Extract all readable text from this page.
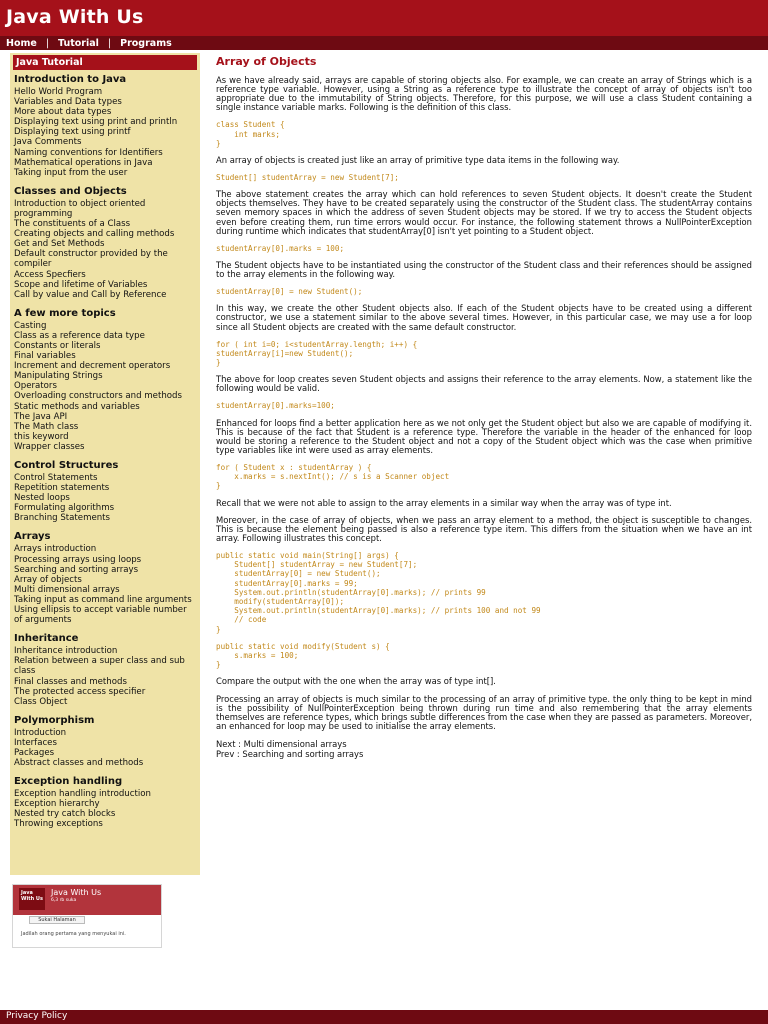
Java With Us
Home | Tutorial | Programs
Java Tutorial
Introduction to Java
Hello World Program
Variables and Data types
More about data types
Displaying text using print and println
Displaying text using printf
Java Comments
Naming conventions for Identifiers
Mathematical operations in Java
Taking input from the user
Classes and Objects
Introduction to object oriented programming
The constituents of a Class
Creating objects and calling methods
Get and Set Methods
Default constructor provided by the compiler
Access Specfiers
Scope and lifetime of Variables
Call by value and Call by Reference
A few more topics
Casting
Class as a reference data type
Constants or literals
Final variables
Increment and decrement operators
Manipulating Strings
Operators
Overloading constructors and methods
Static methods and variables
The Java API
The Math class
this keyword
Wrapper classes
Control Structures
Control Statements
Repetition statements
Nested loops
Formulating algorithms
Branching Statements
Arrays
Arrays introduction
Processing arrays using loops
Searching and sorting arrays
Array of objects
Multi dimensional arrays
Taking input as command line arguments
Using ellipsis to accept variable number of arguments
Inheritance
Inheritance introduction
Relation between a super class and sub class
Final classes and methods
The protected access specifier
Class Object
Polymorphism
Introduction
Interfaces
Packages
Abstract classes and methods
Exception handling
Exception handling introduction
Exception hierarchy
Nested try catch blocks
Throwing exceptions
Java With Us
Java With Us
6,3 rb suka
Sukai Halaman
Jadilah orang pertama yang menyukai ini.
Array of Objects

As we have already said, arrays are capable of storing objects also. For example, we can create an array of Strings which is a reference type variable. However, using a String as a reference type to illustrate the concept of array of objects isn't too appropriate due to the immutability of String objects. Therefore, for this purpose, we will use a class Student containing a single instance variable marks. Following is the definition of this class.

class Student {
int marks;
}

An array of objects is created just like an array of primitive type data items in the following way.

Student[] studentArray = new Student[7];

The above statement creates the array which can hold references to seven Student objects. It doesn't create the Student objects themselves. They have to be created separately using the constructor of the Student class. The studentArray contains seven memory spaces in which the address of seven Student objects may be stored. If we try to access the Student objects even before creating them, run time errors would occur. For instance, the following statement throws a NullPointerException during runtime which indicates that studentArray[0] isn't yet pointing to a Student object.

studentArray[0].marks = 100;

The Student objects have to be instantiated using the constructor of the Student class and their references should be assigned to the array elements in the following way.

studentArray[0] = new Student();

In this way, we create the other Student objects also. If each of the Student objects have to be created using a different constructor, we use a statement similar to the above several times. However, in this particular case, we may use a for loop since all Student objects are created with the same default constructor.

for ( int i=0; i<studentArray.length; i++) {
studentArray[i]=new Student();
}

The above for loop creates seven Student objects and assigns their reference to the array elements. Now, a statement like the following would be valid.

studentArray[0].marks=100;

Enhanced for loops find a better application here as we not only get the Student object but also we are capable of modifying it. This is because of the fact that Student is a reference type. Therefore the variable in the header of the enhanced for loop would be storing a reference to the Student object and not a copy of the Student object which was the case when primitive type variables like int were used as array elements.

for ( Student x : studentArray ) {
x.marks = s.nextInt(); // s is a Scanner object
}

Recall that we were not able to assign to the array elements in a similar way when the array was of type int.

Moreover, in the case of array of objects, when we pass an array element to a method, the object is susceptible to changes. This is because the element being passed is also a reference type item. This differs from the situation when we have an int array. Following illustrates this concept.

public static void main(String[] args) {
Student[] studentArray = new Student[7];
studentArray[0] = new Student();
studentArray[0].marks = 99;
System.out.println(studentArray[0].marks); // prints 99
modify(studentArray[0]);
System.out.println(studentArray[0].marks); // prints 100 and not 99
// code
}
public static void modify(Student s) {
s.marks = 100;
}

Compare the output with the one when the array was of type int[].

Processing an array of objects is much similar to the processing of an array of primitive type. the only thing to be kept in mind is the possibility of NullPointerException being thrown during run time and also remembering that the array elements themselves are reference types, which brings subtle differences from the case when they are passed as parameters. Moreover, an enhanced for loop may be used to initialise the array elements.

Next : Multi dimensional arrays
Prev : Searching and sorting arrays
Privacy Policy
